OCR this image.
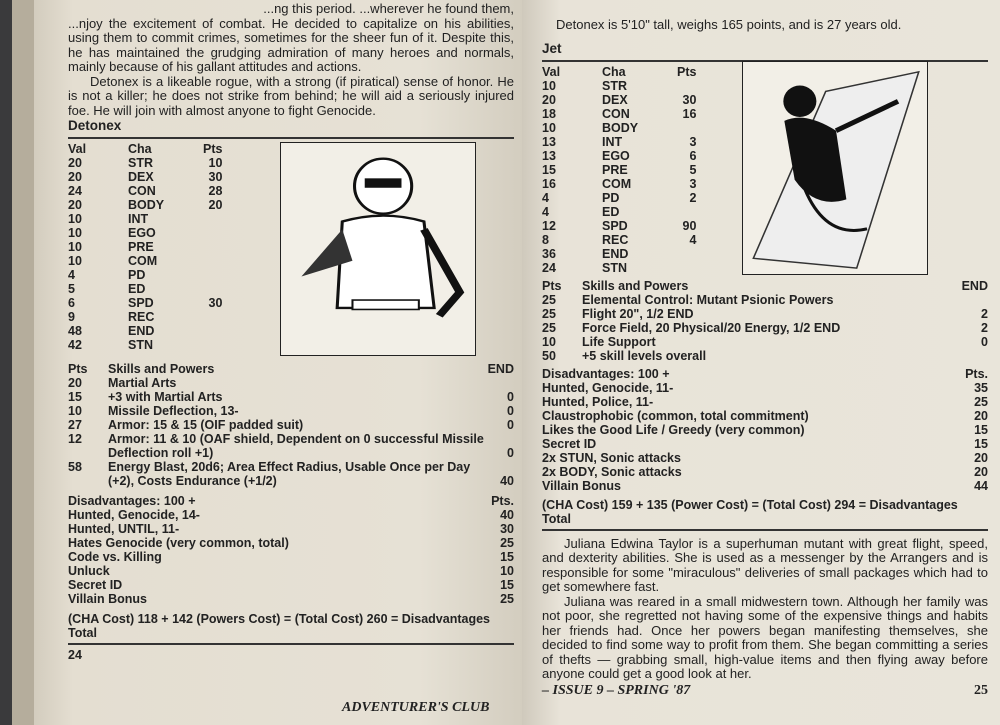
...ng this period. ...wherever he found them,

...njoy the excitement of combat. He decided to capitalize on his abilities, using them to commit crimes, sometimes for the sheer fun of it. Despite this, he has maintained the grudging admiration of many heroes and normals, mainly because of his gallant attitudes and actions.

Detonex is a likeable rogue, with a strong (if piratical) sense of honor. He is not a killer; he does not strike from behind; he will aid a seriously injured foe. He will join with almost anyone to fight Genocide.

Detonex
Val	Cha	Pts
20	STR	10
20	DEX	30
24	CON	28
20	BODY	20
10	INT	
10	EGO	
10	PRE	
10	COM	
4	PD	
5	ED	
6	SPD	30
9	REC	
48	END	
42	STN	
Pts Skills and Powers	END
20	Martial Arts
15	+3 with Martial Arts	0
10	Missile Deflection, 13-	0
27	Armor: 15 & 15 (OIF padded suit)	0
12	Armor: 11 & 10 (OAF shield, Dependent on 0 successful Missile Deflection roll +1)	0
58	Energy Blast, 20d6; Area Effect Radius, Usable Once per Day (+2), Costs Endurance (+1/2)	40
Disadvantages: 100 +	Pts.
Hunted, Genocide, 14-	40
Hunted, UNTIL, 11-	30
Hates Genocide (very common, total)	25
Code vs. Killing	15
Unluck	10
Secret ID	15
Villain Bonus	25
(CHA Cost) 118 + 142 (Powers Cost) = (Total Cost) 260 = Disadvantages Total
24
ADVENTURER'S CLUB
Detonex is 5'10" tall, weighs 165 points, and is 27 years old.
Jet
Val	Cha	Pts
10	STR	
20	DEX	30
18	CON	16
10	BODY	
13	INT	3
13	EGO	6
15	PRE	5
16	COM	3
4	PD	2
4	ED	
12	SPD	90
8	REC	4
36	END	
24	STN	
Pts Skills and Powers	END
25	Elemental Control: Mutant Psionic Powers
25	Flight 20", 1/2 END	2
25	Force Field, 20 Physical/20 Energy, 1/2 END	2
10	Life Support	0
50	+5 skill levels overall
Disadvantages: 100 +	Pts.
Hunted, Genocide, 11-	35
Hunted, Police, 11-	25
Claustrophobic (common, total commitment)	20
Likes the Good Life / Greedy (very common)	15
Secret ID	15
2x STUN, Sonic attacks	20
2x BODY, Sonic attacks	20
Villain Bonus	44
(CHA Cost) 159 + 135 (Power Cost) = (Total Cost) 294 = Disadvantages Total

Juliana Edwina Taylor is a superhuman mutant with great flight, speed, and dexterity abilities. She is used as a messenger by the Arrangers and is responsible for some "miraculous" deliveries of small packages which had to get somewhere fast.

Juliana was reared in a small midwestern town. Although her family was not poor, she regretted not having some of the expensive things and habits her friends had. Once her powers began manifesting themselves, she decided to find some way to profit from them. She began committing a series of thefts — grabbing small, high-value items and then flying away before anyone could get a good look at her.

– ISSUE 9 – SPRING '87	25
